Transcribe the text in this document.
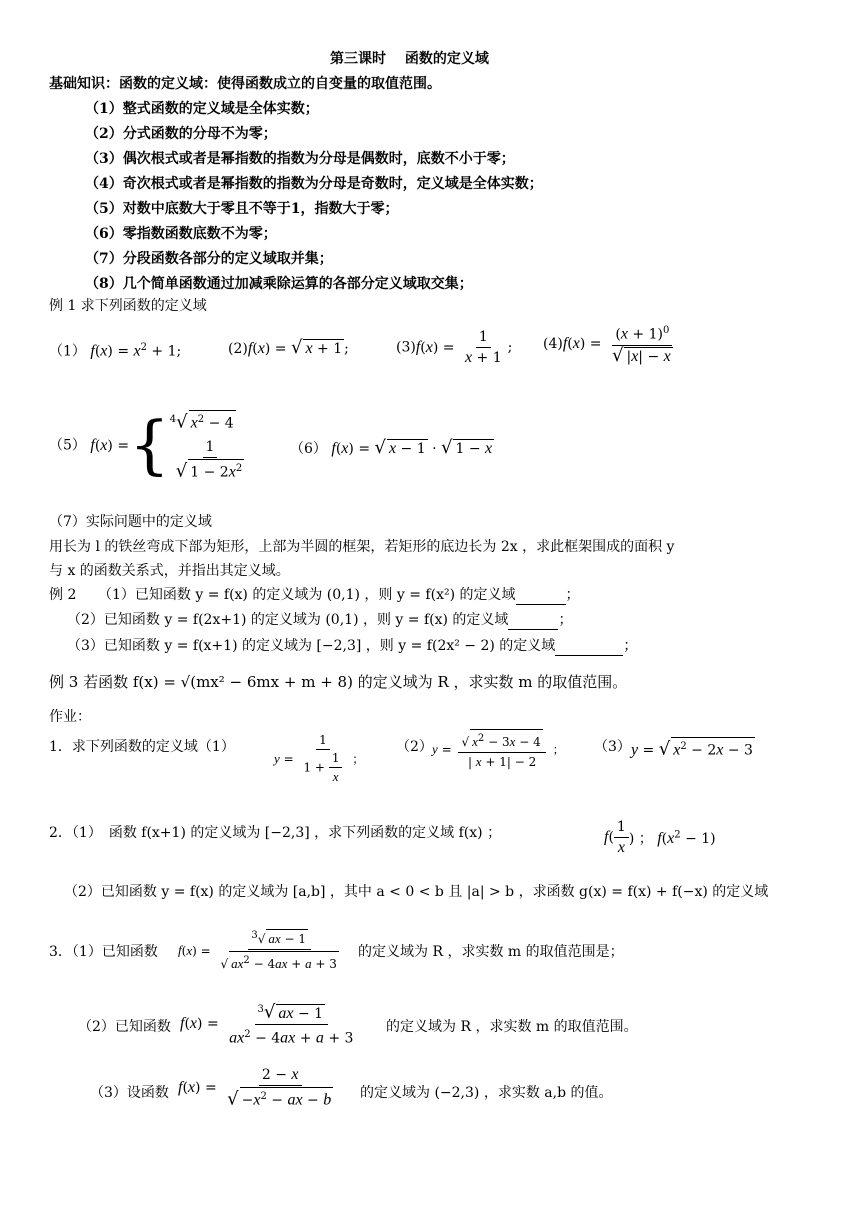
第三课时　 函数的定义域
基础知识：函数的定义域：使得函数成立的自变量的取值范围。
（1）整式函数的定义域是全体实数；
（2）分式函数的分母不为零；
（3）偶次根式或者是幂指数的指数为分母是偶数时，底数不小于零；
（4）奇次根式或者是幂指数的指数为分母是奇数时，定义域是全体实数；
（5）对数中底数大于零且不等于1，指数大于零；
（6）零指数函数底数不为零；
（7）分段函数各部分的定义域取并集；
（8）几个简单函数通过加减乘除运算的各部分定义域取交集；
例 1 求下列函数的定义域
（1） $f(x) = x^2 + 1$;	(2)f(x) = √ x + 1 ;	$(3)f(x) = \frac{1}{x + 1}$ ; $(4)f(x) = \frac{(x + 1)^0}{√ |x| - x}$
（5） f(x) ={ $^4$√ $x^2 - 4$
$\frac{1}{√ 1 - 2x^2}$	（6） f(x) = √ x − 1 · √ 1 − x
（7）实际问题中的定义域
用长为 l 的铁丝弯成下部为矩形，上部为半圆的框架，若矩形的底边长为 2x ，求此框架围成的面积 y
与 x 的函数关系式，并指出其定义域。
例 2 （1）已知函数 y = f(x) 的定义域为 (0,1) ，则 y = f(x²) 的定义域	；
（2）已知函数 y = f(2x+1) 的定义域为 (0,1) ，则 y = f(x) 的定义域	；
（3）已知函数 y = f(x+1) 的定义域为 [−2,3] ，则 y = f(2x² − 2) 的定义域	；
例 3 若函数 f(x) = √(mx² − 6mx + m + 8) 的定义域为 R ，求实数 m 的取值范围。
作业：
1．求下列函数的定义域（1）
$y = \frac{1}{1 + \frac{1}{x}}$ ；
（2） $y = \frac{√ x^2 - 3x - 4}{| x + 1| - 2}$ ； （3） y = √ $x^2 - 2x - 3$
2．（1）　函数 f(x+1) 的定义域为 [−2,3] ，求下列函数的定义域 f(x) ；	$f( \frac{1}{x}$ ) ； $f(x^2 - 1)$
（2）已知函数 y = f(x) 的定义域为 [a,b] ，其中 a < 0 < b 且 |a| > b ，求函数 g(x) = f(x) + f(−x) 的定义域
3．（1）已知函数 $f(x) = \frac{^3√ ax - 1}{√ ax^2 - 4ax + a + 3}$ 的定义域为 R ，求实数 m 的取值范围是；
（2）已知函数 $f(x) = \frac{^3√ ax - 1}{ax^2 - 4ax + a + 3}$ 的定义域为 R ，求实数 m 的取值范围。
（3）设函数 $f(x) = \frac{2 - x}{√ -x^2 - ax - b}$ 的定义域为 (−2,3) ，求实数 a,b 的值。
